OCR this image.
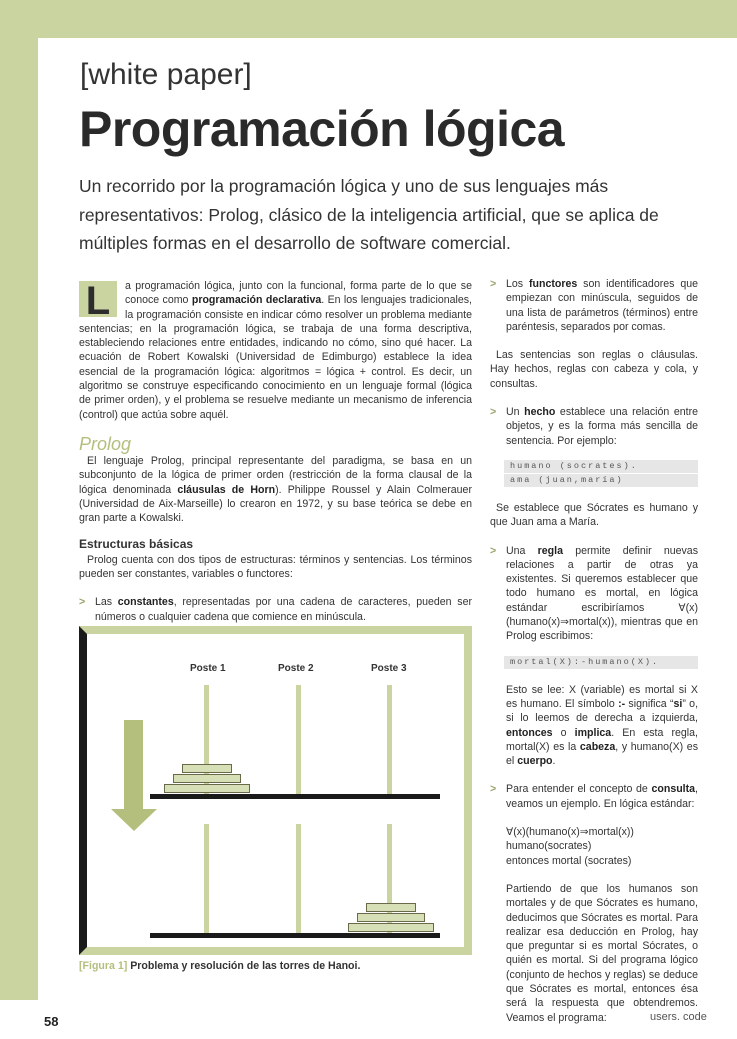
[white paper]
Programación lógica
Un recorrido por la programación lógica y uno de sus lenguajes más representativos: Prolog, clásico de la inteligencia artificial, que se aplica de múltiples formas en el desarrollo de software comercial.
L	a programación lógica, junto con la funcional, forma parte de lo que se conoce como programación declarativa. En los lenguajes tradicionales, la programación consiste en indicar cómo resolver un problema mediante sentencias; en la programación lógica, se trabaja de una forma descriptiva, estableciendo relaciones entre entidades, indicando no cómo, sino qué hacer. La ecuación de Robert Kowalski (Universidad de Edimburgo) establece la idea esencial de la programación lógica: algoritmos = lógica + control. Es decir, un algoritmo se construye especificando conocimiento en un lenguaje formal (lógica de primer orden), y el problema se resuelve mediante un mecanismo de inferencia (control) que actúa sobre aquél.
Prolog
El lenguaje Prolog, principal representante del paradigma, se basa en un subconjunto de la lógica de primer orden (restricción de la forma clausal de la lógica denominada cláusulas de Horn). Philippe Roussel y Alain Colmerauer (Universidad de Aix-Marseille) lo crearon en 1972, y su base teórica se debe en gran parte a Kowalski.
Estructuras básicas
Prolog cuenta con dos tipos de estructuras: términos y sentencias. Los términos pueden ser constantes, variables o functores:
> Las constantes, representadas por una cadena de caracteres, pueden ser números o cualquier cadena que comience en minúscula.
Poste 1	Poste 2	Poste 3
[Figura 1] Problema y resolución de las torres de Hanoi.
> Los functores son identificadores que empiezan con minúscula, seguidos de una lista de parámetros (términos) entre paréntesis, separados por comas.
Las sentencias son reglas o cláusulas. Hay hechos, reglas con cabeza y cola, y consultas.
> Un hecho establece una relación entre objetos, y es la forma más sencilla de sentencia. Por ejemplo:
humano (socrates).
ama (juan,maría)
Se establece que Sócrates es humano y que Juan ama a María.
> Una regla permite definir nuevas relaciones a partir de otras ya existentes. Si queremos establecer que todo humano es mortal, en lógica estándar escribiríamos ∀(x)(humano(x)⇒mortal(x)), mientras que en Prolog escribimos:
mortal(X):-humano(X).
Esto se lee: X (variable) es mortal si X es humano. El símbolo :- significa “si” o, si lo leemos de derecha a izquierda, entonces o implica. En esta regla, mortal(X) es la cabeza, y humano(X) es el cuerpo.
> Para entender el concepto de consulta, veamos un ejemplo. En lógica estándar:
∀(x)(humano(x)⇒mortal(x))
humano(socrates)
entonces mortal (socrates)
Partiendo de que los humanos son mortales y de que Sócrates es humano, deducimos que Sócrates es mortal. Para realizar esa deducción en Prolog, hay que preguntar si es mortal Sócrates, o quién es mortal. Si del programa lógico (conjunto de hechos y reglas) se deduce que Sócrates es mortal, entonces ésa será la respuesta que obtendremos. Veamos el programa:
58	users. code
